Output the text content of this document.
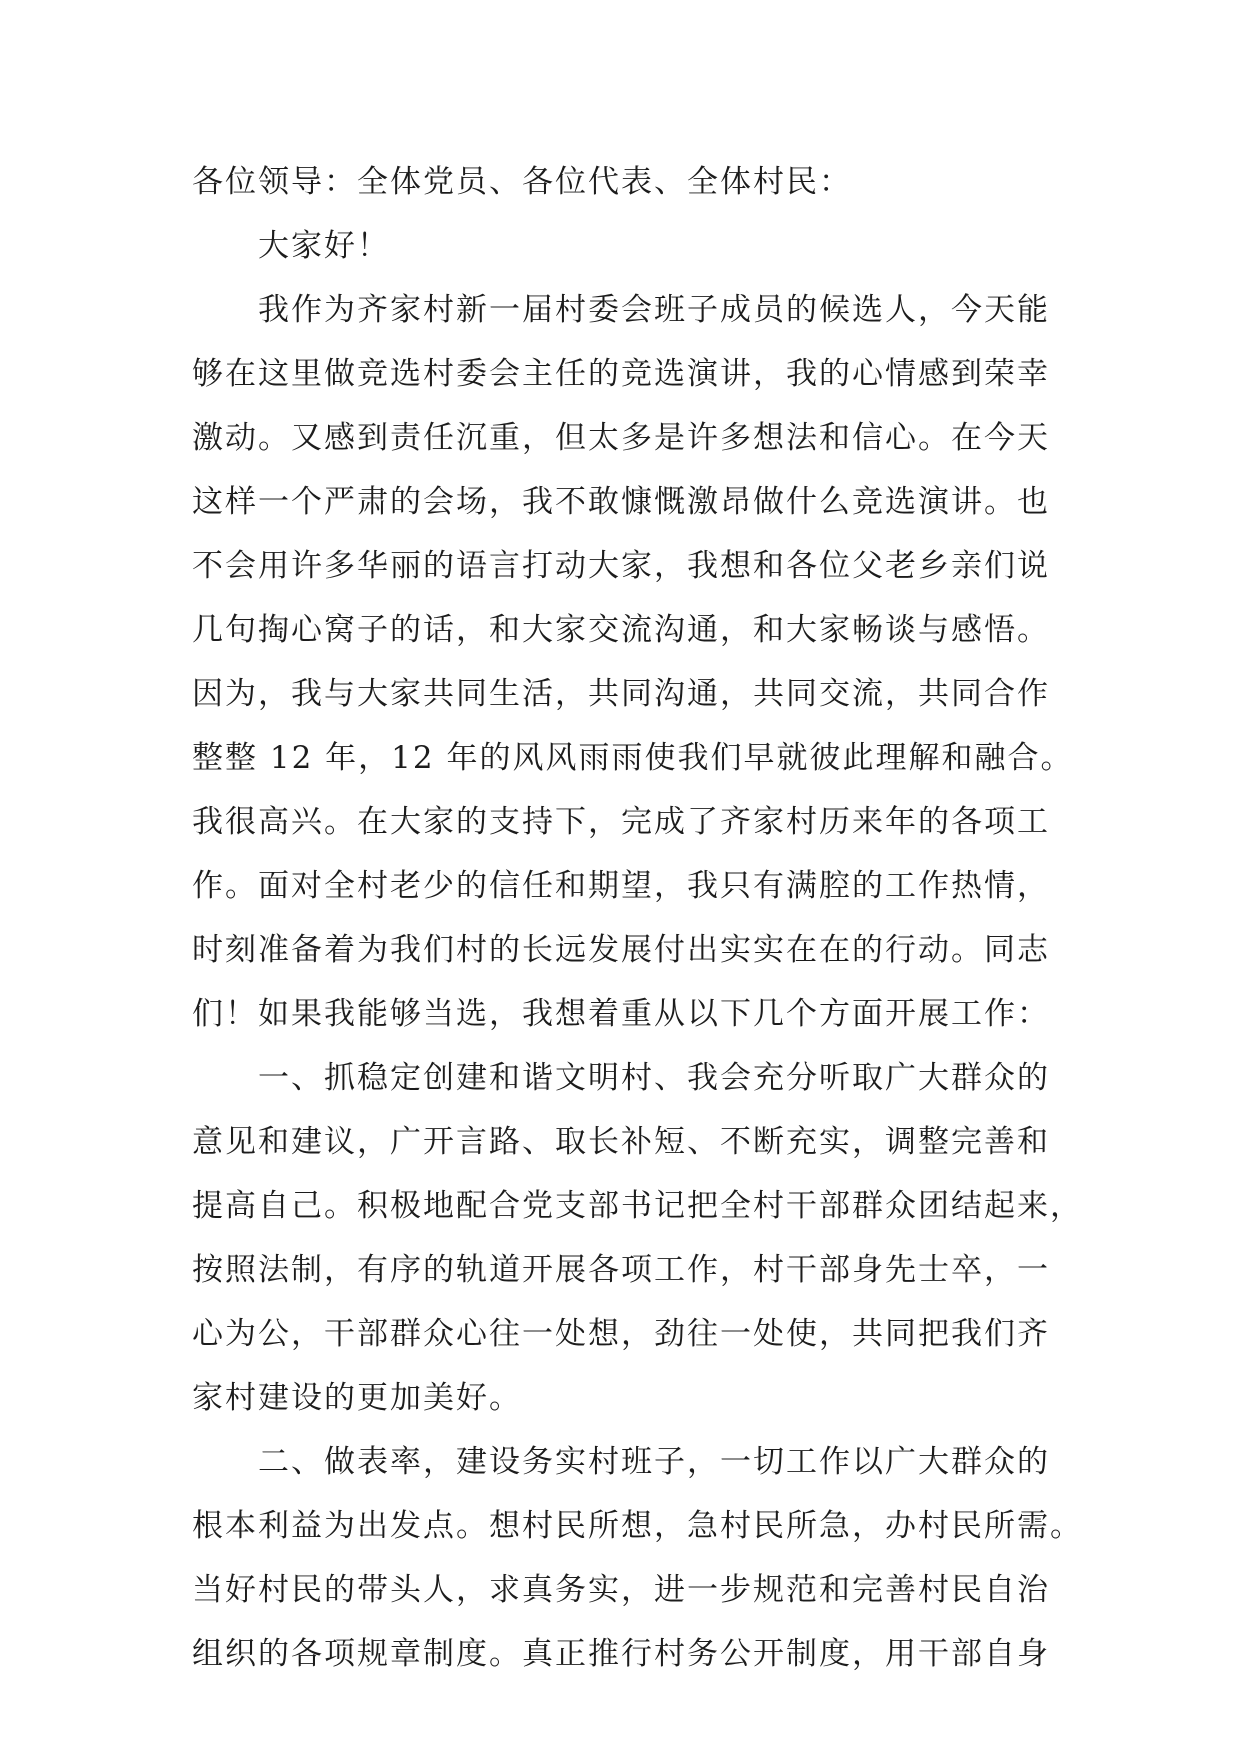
各位领导：全体党员、各位代表、全体村民：
大家好！
我作为齐家村新一届村委会班子成员的候选人，今天能
够在这里做竞选村委会主任的竞选演讲，我的心情感到荣幸
激动。又感到责任沉重，但太多是许多想法和信心。在今天
这样一个严肃的会场，我不敢慷慨激昂做什么竞选演讲。也
不会用许多华丽的语言打动大家，我想和各位父老乡亲们说
几句掏心窝子的话，和大家交流沟通，和大家畅谈与感悟。
因为，我与大家共同生活，共同沟通，共同交流，共同合作
整整 12 年，12 年的风风雨雨使我们早就彼此理解和融合。
我很高兴。在大家的支持下，完成了齐家村历来年的各项工
作。面对全村老少的信任和期望，我只有满腔的工作热情，
时刻准备着为我们村的长远发展付出实实在在的行动。同志
们！如果我能够当选，我想着重从以下几个方面开展工作：
一、抓稳定创建和谐文明村、我会充分听取广大群众的
意见和建议，广开言路、取长补短、不断充实，调整完善和
提高自己。积极地配合党支部书记把全村干部群众团结起来，
按照法制，有序的轨道开展各项工作，村干部身先士卒，一
心为公，干部群众心往一处想，劲往一处使，共同把我们齐
家村建设的更加美好。
二、做表率，建设务实村班子，一切工作以广大群众的
根本利益为出发点。想村民所想，急村民所急，办村民所需。
当好村民的带头人，求真务实，进一步规范和完善村民自治
组织的各项规章制度。真正推行村务公开制度，用干部自身
